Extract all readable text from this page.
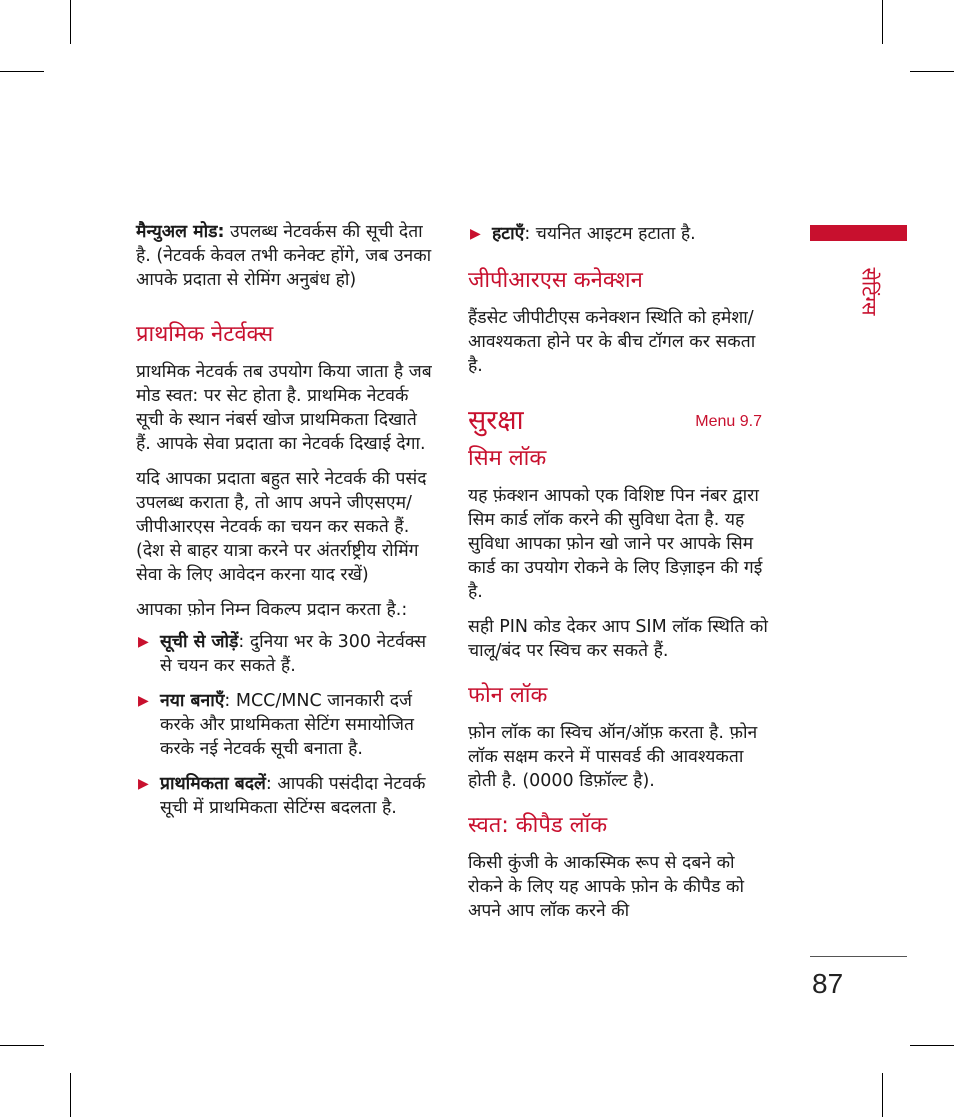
सेटिंग्स

मैन्युअल मोड: उपलब्ध नेटवर्कस की सूची देता है. (नेटवर्क केवल तभी कनेक्ट होंगे, जब उनका आपके प्रदाता से रोमिंग अनुबंध हो)

प्राथमिक नेटर्वक्स

प्राथमिक नेटवर्क तब उपयोग किया जाता है जब मोड स्वत: पर सेट होता है. प्राथमिक नेटवर्क सूची के स्थान नंबर्स खोज प्राथमिकता दिखाते हैं. आपके सेवा प्रदाता का नेटवर्क दिखाई देगा.

यदि आपका प्रदाता बहुत सारे नेटवर्क की पसंद उपलब्ध कराता है, तो आप अपने जीएसएम/जीपीआरएस नेटवर्क का चयन कर सकते हैं. (देश से बाहर यात्रा करने पर अंतर्राष्ट्रीय रोमिंग सेवा के लिए आवेदन करना याद रखें)

आपका फ़ोन निम्न विकल्प प्रदान करता है.:

▶ सूची से जोड़ें: दुनिया भर के 300 नेटर्वक्स से चयन कर सकते हैं.
▶ नया बनाएँ: MCC/MNC जानकारी दर्ज करके और प्राथमिकता सेटिंग समायोजित करके नई नेटवर्क सूची बनाता है.
▶ प्राथमिकता बदलें: आपकी पसंदीदा नेटवर्क सूची में प्राथमिकता सेटिंग्स बदलता है.
▶ हटाएँ: चयनित आइटम हटाता है.
जीपीआरएस कनेक्शन

हैंडसेट जीपीटीएस कनेक्शन स्थिति को हमेशा/आवश्यकता होने पर के बीच टॉगल कर सकता है.

सुरक्षा	Menu 9.7
सिम लॉक

यह फ़ंक्शन आपको एक विशिष्ट पिन नंबर द्वारा सिम कार्ड लॉक करने की सुविधा देता है. यह सुविधा आपका फ़ोन खो जाने पर आपके सिम कार्ड का उपयोग रोकने के लिए डिज़ाइन की गई है.

सही PIN कोड देकर आप SIM लॉक स्थिति को चालू/बंद पर स्विच कर सकते हैं.

फोन लॉक

फ़ोन लॉक का स्विच ऑन/ऑफ़ करता है. फ़ोन लॉक सक्षम करने में पासवर्ड की आवश्यकता होती है. (0000 डिफ़ॉल्ट है).

स्वत: कीपैड लॉक

किसी कुंजी के आकस्मिक रूप से दबने को रोकने के लिए यह आपके फ़ोन के कीपैड को अपने आप लॉक करने की

87
